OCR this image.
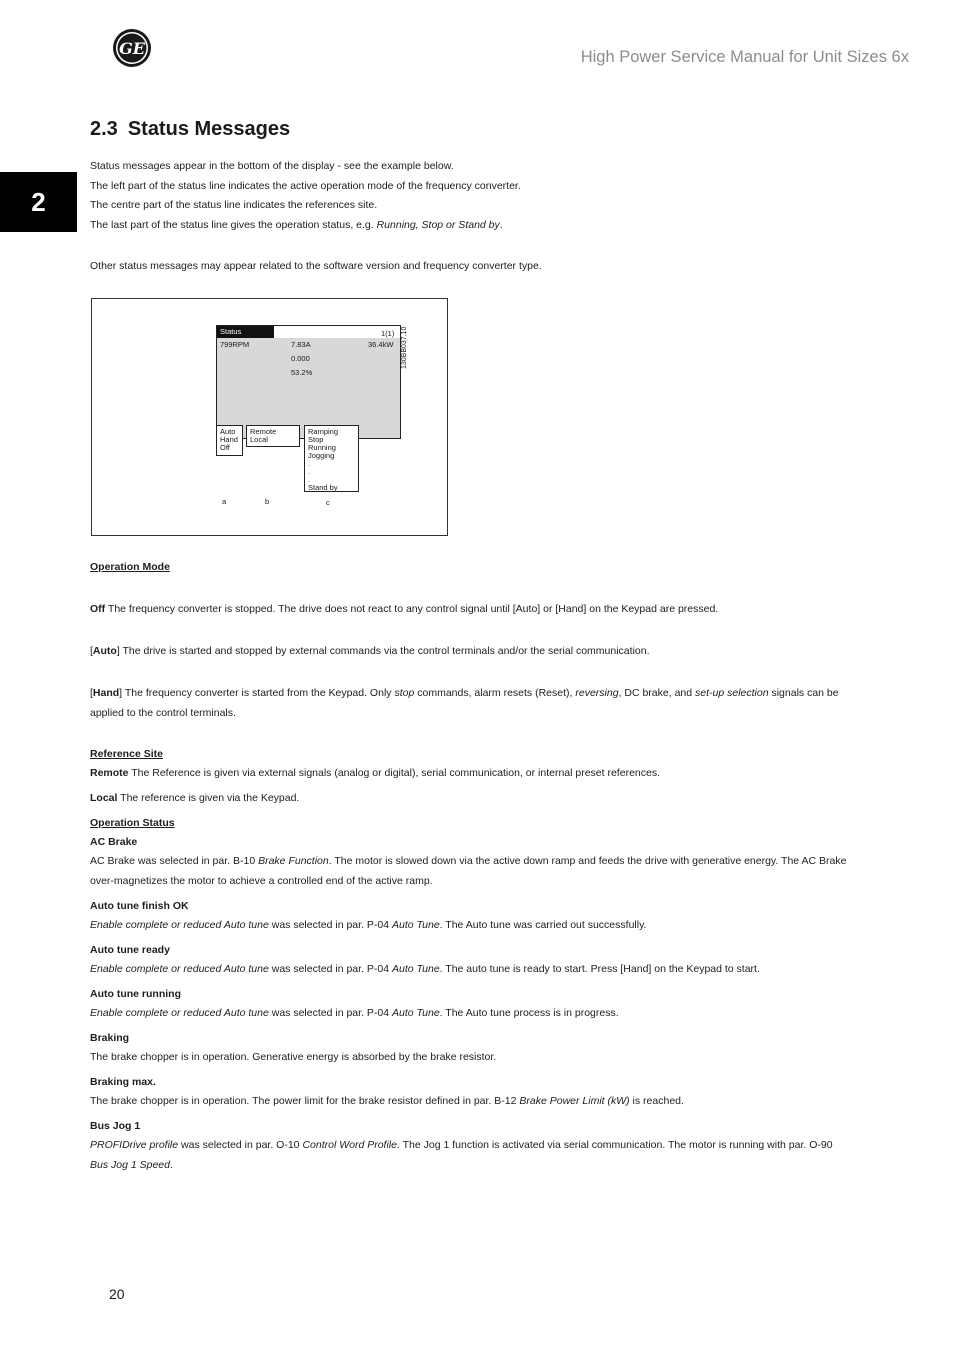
GE	High Power Service Manual for Unit Sizes 6x
2
2.3 Status Messages
Status messages appear in the bottom of the display - see the example below.
The left part of the status line indicates the active operation mode of the frequency converter.
The centre part of the status line indicates the references site.
The last part of the status line gives the operation status, e.g. Running, Stop or Stand by.
Other status messages may appear related to the software version and frequency converter type.
Status	1(1)
799RPM	7.83A	36.4kW
0.000
53.2%
Auto
Hand
Off
Remote
Local
Ramping
Stop
Running
Jogging
.
.
.
Stand by
a	b	c
130BB037.10
Operation Mode
Off The frequency converter is stopped. The drive does not react to any control signal until [Auto] or [Hand] on the Keypad are pressed.
[Auto] The drive is started and stopped by external commands via the control terminals and/or the serial communication.
[Hand] The frequency converter is started from the Keypad. Only stop commands, alarm resets (Reset), reversing, DC brake, and set-up selection signals can be applied to the control terminals.
Reference Site
Remote The Reference is given via external signals (analog or digital), serial communication, or internal preset references.
Local The reference is given via the Keypad.
Operation Status
AC Brake
AC Brake was selected in par. B-10 Brake Function. The motor is slowed down via the active down ramp and feeds the drive with generative energy. The AC Brake over-magnetizes the motor to achieve a controlled end of the active ramp.
Auto tune finish OK
Enable complete or reduced Auto tune was selected in par. P-04 Auto Tune. The Auto tune was carried out successfully.
Auto tune ready
Enable complete or reduced Auto tune was selected in par. P-04 Auto Tune. The auto tune is ready to start. Press [Hand] on the Keypad to start.
Auto tune running
Enable complete or reduced Auto tune was selected in par. P-04 Auto Tune. The Auto tune process is in progress.
Braking
The brake chopper is in operation. Generative energy is absorbed by the brake resistor.
Braking max.
The brake chopper is in operation. The power limit for the brake resistor defined in par. B-12 Brake Power Limit (kW) is reached.
Bus Jog 1
PROFIDrive profile was selected in par. O-10 Control Word Profile. The Jog 1 function is activated via serial communication. The motor is running with par. O-90 Bus Jog 1 Speed.
20
